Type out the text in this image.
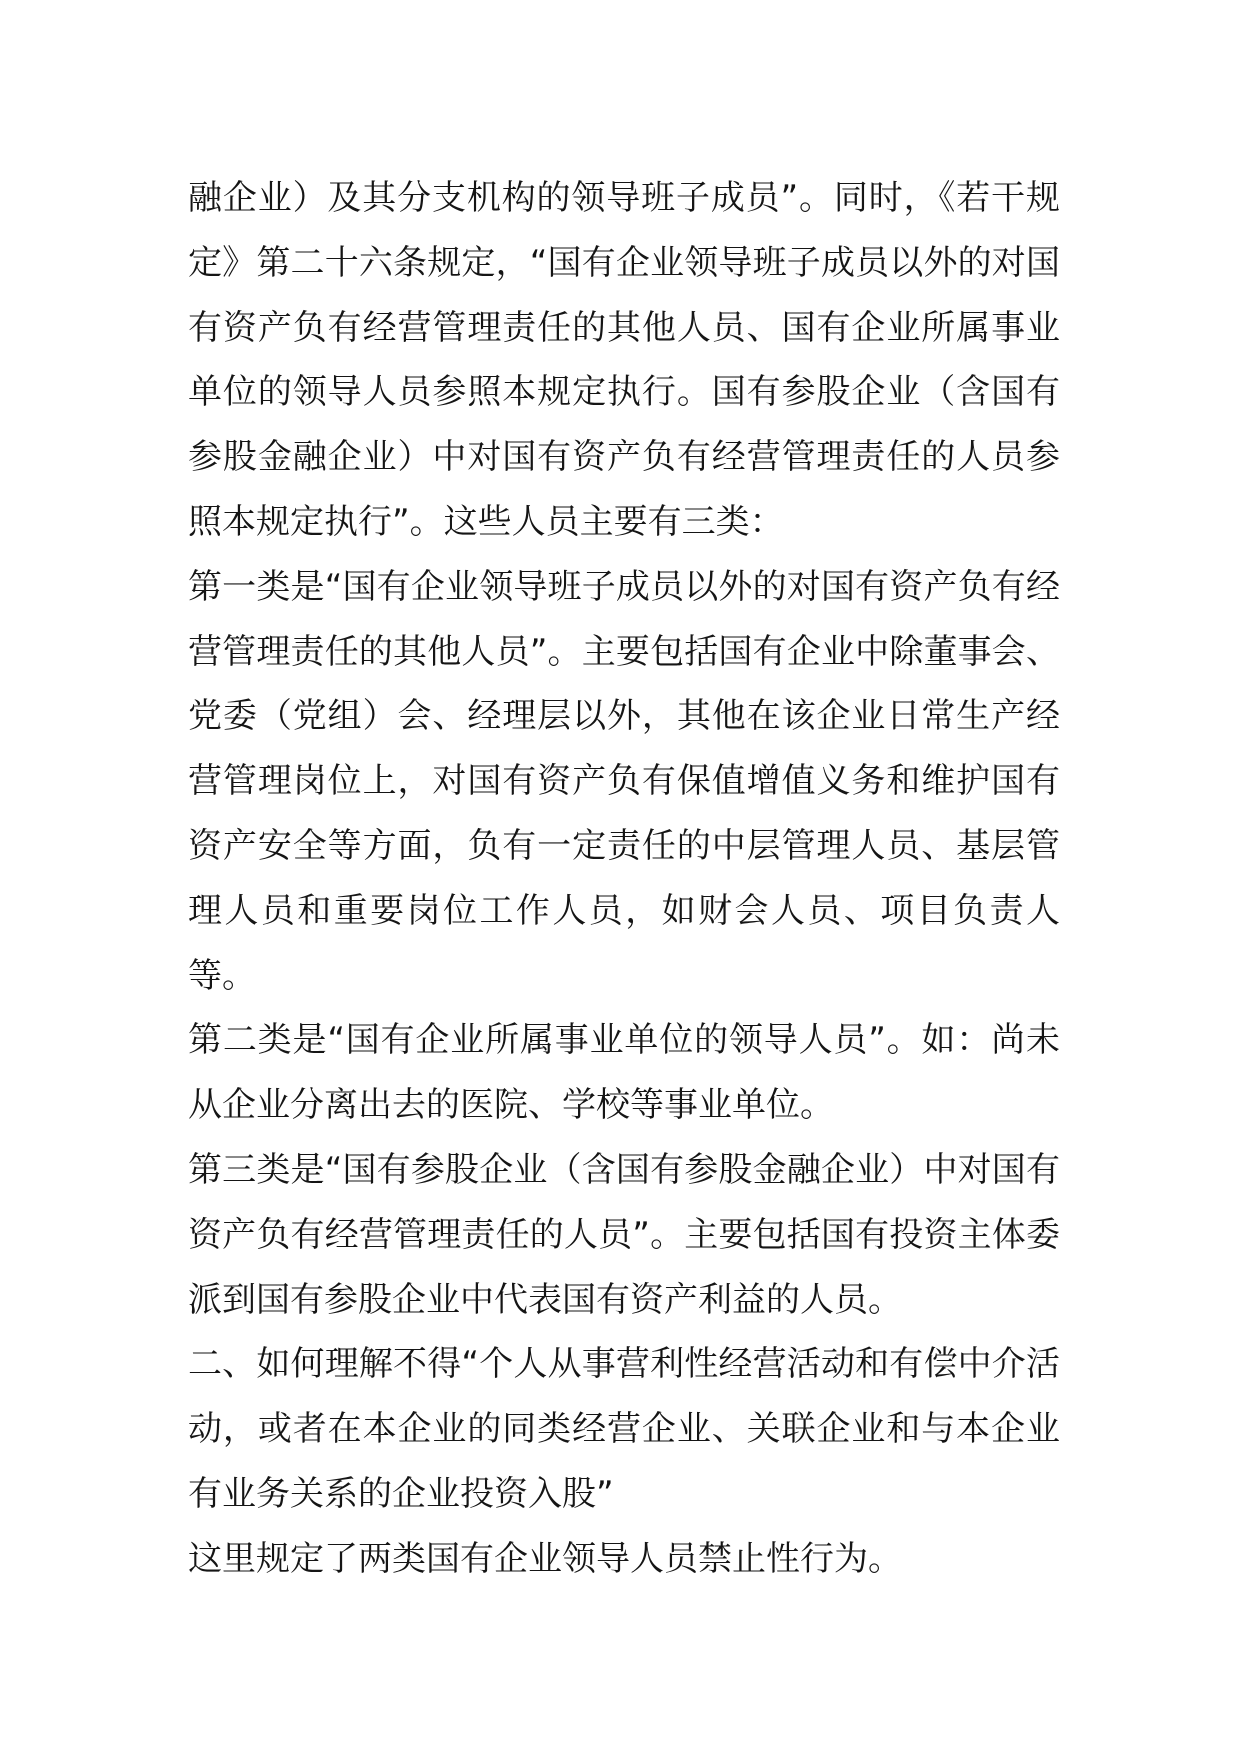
融企业）及其分支机构的领导班子成员”。同时，《若干规定》第二十六条规定，“国有企业领导班子成员以外的对国有资产负有经营管理责任的其他人员、国有企业所属事业单位的领导人员参照本规定执行。国有参股企业（含国有参股金融企业）中对国有资产负有经营管理责任的人员参照本规定执行”。这些人员主要有三类：

第一类是“国有企业领导班子成员以外的对国有资产负有经营管理责任的其他人员”。主要包括国有企业中除董事会、党委（党组）会、经理层以外，其他在该企业日常生产经营管理岗位上，对国有资产负有保值增值义务和维护国有资产安全等方面，负有一定责任的中层管理人员、基层管理人员和重要岗位工作人员，如财会人员、项目负责人等。

第二类是“国有企业所属事业单位的领导人员”。如：尚未从企业分离出去的医院、学校等事业单位。

第三类是“国有参股企业（含国有参股金融企业）中对国有资产负有经营管理责任的人员”。主要包括国有投资主体委派到国有参股企业中代表国有资产利益的人员。

二、如何理解不得“个人从事营利性经营活动和有偿中介活动，或者在本企业的同类经营企业、关联企业和与本企业有业务关系的企业投资入股”

这里规定了两类国有企业领导人员禁止性行为。
